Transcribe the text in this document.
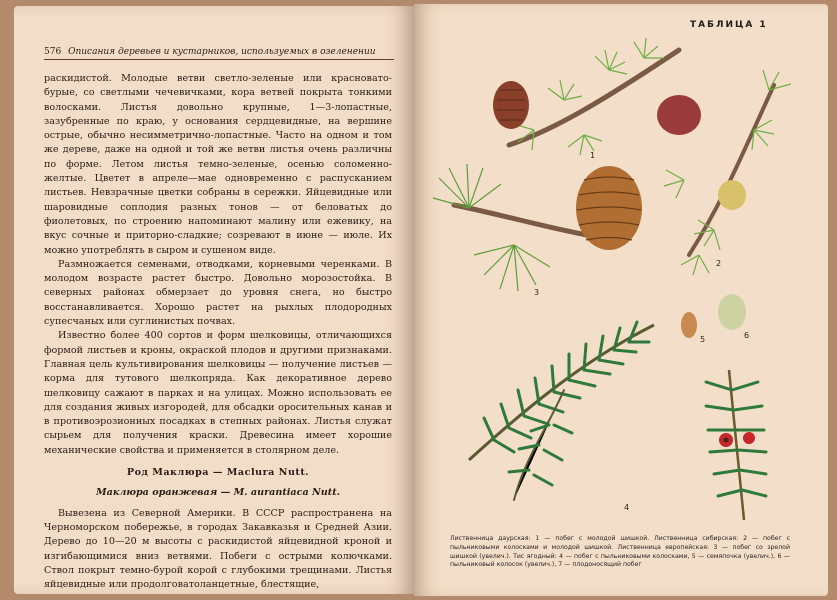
576 Описания деревьев и кустарников, используемых в озеленении

раскидистой. Молодые ветви светло-зеленые или красновато-бурые, со светлыми чечевичками, кора ветвей покрыта тонкими волосками. Листья довольно крупные, 1—3-лопастные, зазубренные по краю, у основания сердцевидные, на вершине острые, обычно несимметрично-лопастные. Часто на одном и том же дереве, даже на одной и той же ветви листья очень различны по форме. Летом листья темно-зеленые, осенью соломенно-желтые. Цветет в апреле—мае одновременно с распусканием листьев. Невзрачные цветки собраны в сережки. Яйцевидные или шаровидные соплодия разных тонов — от беловатых до фиолетовых, по строению напоминают малину или ежевику, на вкус сочные и приторно-сладкие; созревают в июне — июле. Их можно употреблять в сыром и сушеном виде.

Размножается семенами, отводками, корневыми черенками. В молодом возрасте растет быстро. Довольно морозостойка. В северных районах обмерзает до уровня снега, но быстро восстанавливается. Хорошо растет на рыхлых плодородных супесчаных или суглинистых почвах.

Известно более 400 сортов и форм шелковицы, отличающихся формой листьев и кроны, окраской плодов и другими признаками. Главная цель культивирования шелковицы — получение листьев — корма для тутового шелкопряда. Как декоративное дерево шелковицу сажают в парках и на улицах. Можно использовать ее для создания живых изгородей, для обсадки оросительных канав и в противоэрозионных посадках в степных районах. Листья служат сырьем для получения краски. Древесина имеет хорошие механические свойства и применяется в столярном деле.

Род Маклюра — Maclura Nutt.

Маклюра оранжевая — M. aurantiaca Nutt.

Вывезена из Северной Америки. В СССР распространена на Черноморском побережье, в городах Закавказья и Средней Азии. Дерево до 10—20 м высоты с раскидистой яйцевидной кроной и изгибающимися вниз ветвями. Побеги с острыми колючками. Ствол покрыт темно-бурой корой с глубокими трещинами. Листья яйцевидные или продолговатоланцетные, блестящие,

ТАБЛИЦА 1
1
2
3
4
5	6
Лиственница даурская: 1 — побег с молодой шишкой. Лиственница сибирская: 2 — побег с пыльниковыми колосками и молодой шишкой. Лиственница европейская: 3 — побег со зрелой шишкой (увелич.). Тис ягодный: 4 — побег с пыльниковыми колосками, 5 — семяпочка (увелич.), 6 — пыльниковый колосок (увелич.), 7 — плодоносящий побег
